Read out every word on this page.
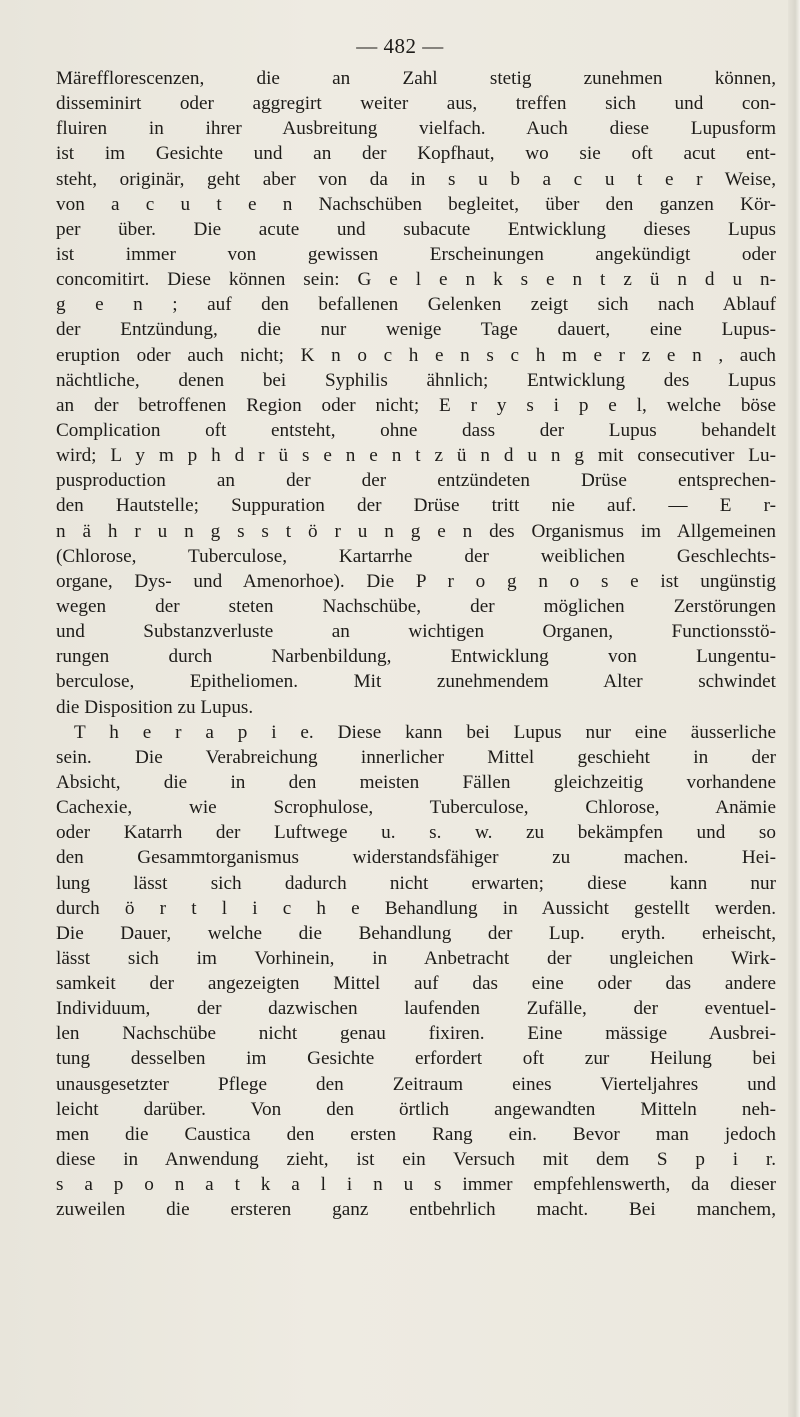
— 482 —
Märefflorescenzen, die an Zahl stetig zunehmen können,
disseminirt oder aggregirt weiter aus, treffen sich und con-
fluiren in ihrer Ausbreitung vielfach. Auch diese Lupusform
ist im Gesichte und an der Kopfhaut, wo sie oft acut ent-
steht, originär, geht aber von da in s u b a c u t e r Weise,
von a c u t e n Nachschüben begleitet, über den ganzen Kör-
per über. Die acute und subacute Entwicklung dieses Lupus
ist immer von gewissen Erscheinungen angekündigt oder
concomitirt. Diese können sein: G e l e n k s e n t z ü n d u n-
g e n ; auf den befallenen Gelenken zeigt sich nach Ablauf
der Entzündung, die nur wenige Tage dauert, eine Lupus-
eruption oder auch nicht; K n o c h e n s c h m e r z e n , auch
nächtliche, denen bei Syphilis ähnlich; Entwicklung des Lupus
an der betroffenen Region oder nicht; E r y s i p e l, welche böse
Complication oft entsteht, ohne dass der Lupus behandelt
wird; L y m p h d r ü s e n e n t z ü n d u n g mit consecutiver Lu-
pusproduction an der der entzündeten Drüse entsprechen-
den Hautstelle; Suppuration der Drüse tritt nie auf. — E r-
n ä h r u n g s s t ö r u n g e n des Organismus im Allgemeinen
(Chlorose, Tuberculose, Kartarrhe der weiblichen Geschlechts-
organe, Dys- und Amenorhoe). Die P r o g n o s e ist ungünstig
wegen der steten Nachschübe, der möglichen Zerstörungen
und Substanzverluste an wichtigen Organen, Functionsstö-
rungen durch Narbenbildung, Entwicklung von Lungentu-
berculose, Epitheliomen. Mit zunehmendem Alter schwindet
die Disposition zu Lupus.
T h e r a p i e. Diese kann bei Lupus nur eine äusserliche
sein. Die Verabreichung innerlicher Mittel geschieht in der
Absicht, die in den meisten Fällen gleichzeitig vorhandene
Cachexie, wie Scrophulose, Tuberculose, Chlorose, Anämie
oder Katarrh der Luftwege u. s. w. zu bekämpfen und so
den Gesammtorganismus widerstandsfähiger zu machen. Hei-
lung lässt sich dadurch nicht erwarten; diese kann nur
durch ö r t l i c h e Behandlung in Aussicht gestellt werden.
Die Dauer, welche die Behandlung der Lup. eryth. erheischt,
lässt sich im Vorhinein, in Anbetracht der ungleichen Wirk-
samkeit der angezeigten Mittel auf das eine oder das andere
Individuum, der dazwischen laufenden Zufälle, der eventuel-
len Nachschübe nicht genau fixiren. Eine mässige Ausbrei-
tung desselben im Gesichte erfordert oft zur Heilung bei
unausgesetzter Pflege den Zeitraum eines Vierteljahres und
leicht darüber. Von den örtlich angewandten Mitteln neh-
men die Caustica den ersten Rang ein. Bevor man jedoch
diese in Anwendung zieht, ist ein Versuch mit dem S p i r.
s a p o n a t k a l i n u s immer empfehlenswerth, da dieser
zuweilen die ersteren ganz entbehrlich macht. Bei manchem,
